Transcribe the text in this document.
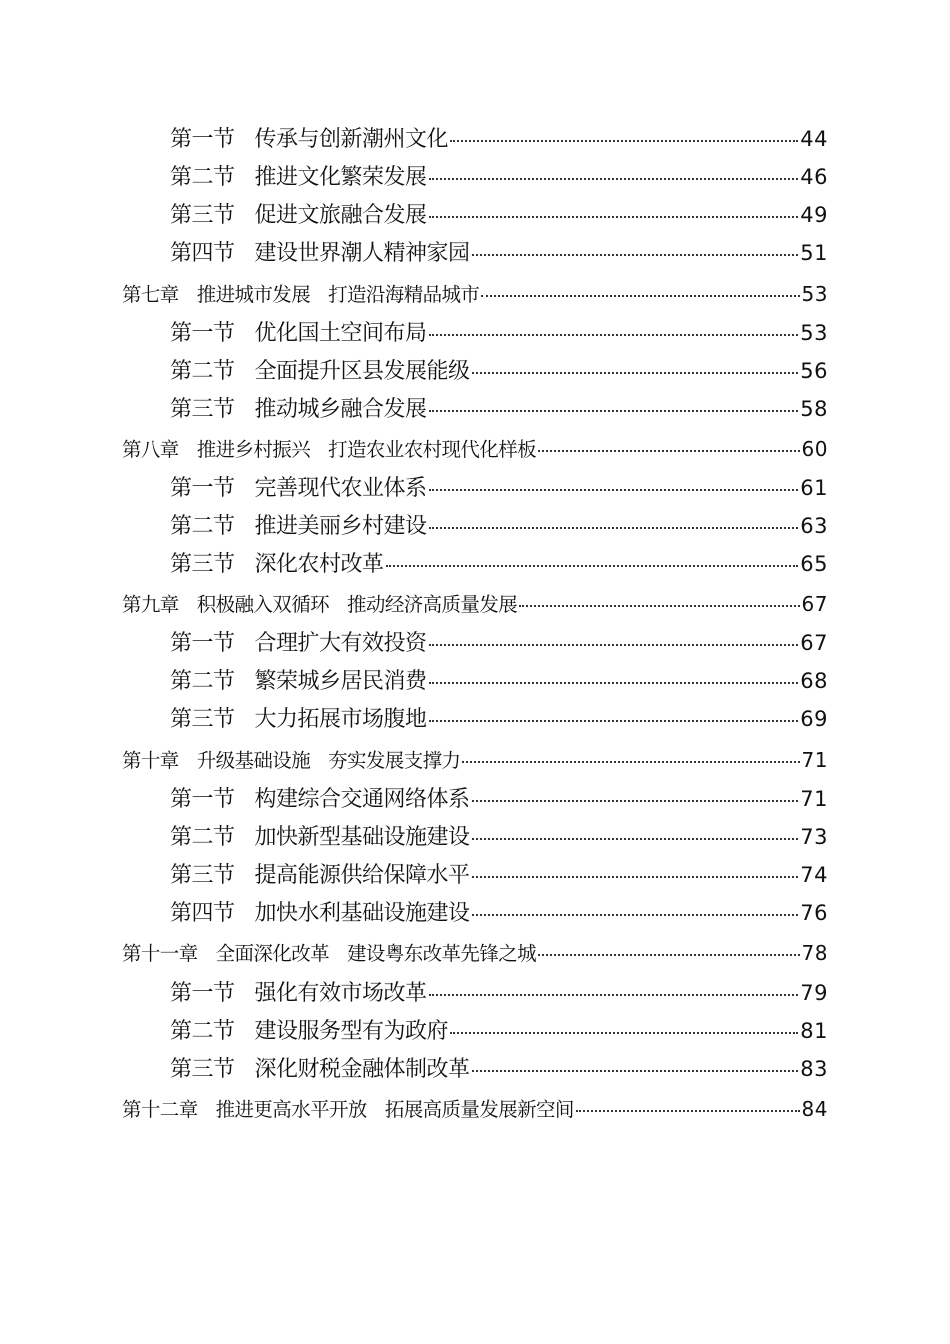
第一节 传承与创新潮州文化	44
第二节 推进文化繁荣发展	46
第三节 促进文旅融合发展	49
第四节 建设世界潮人精神家园	51
第七章 推进城市发展 打造沿海精品城市	53
第一节 优化国土空间布局	53
第二节 全面提升区县发展能级	56
第三节 推动城乡融合发展	58
第八章 推进乡村振兴 打造农业农村现代化样板	60
第一节 完善现代农业体系	61
第二节 推进美丽乡村建设	63
第三节 深化农村改革	65
第九章 积极融入双循环 推动经济高质量发展	67
第一节 合理扩大有效投资	67
第二节 繁荣城乡居民消费	68
第三节 大力拓展市场腹地	69
第十章 升级基础设施 夯实发展支撑力	71
第一节 构建综合交通网络体系	71
第二节 加快新型基础设施建设	73
第三节 提高能源供给保障水平	74
第四节 加快水利基础设施建设	76
第十一章 全面深化改革 建设粤东改革先锋之城	78
第一节 强化有效市场改革	79
第二节 建设服务型有为政府	81
第三节 深化财税金融体制改革	83
第十二章 推进更高水平开放 拓展高质量发展新空间	84
